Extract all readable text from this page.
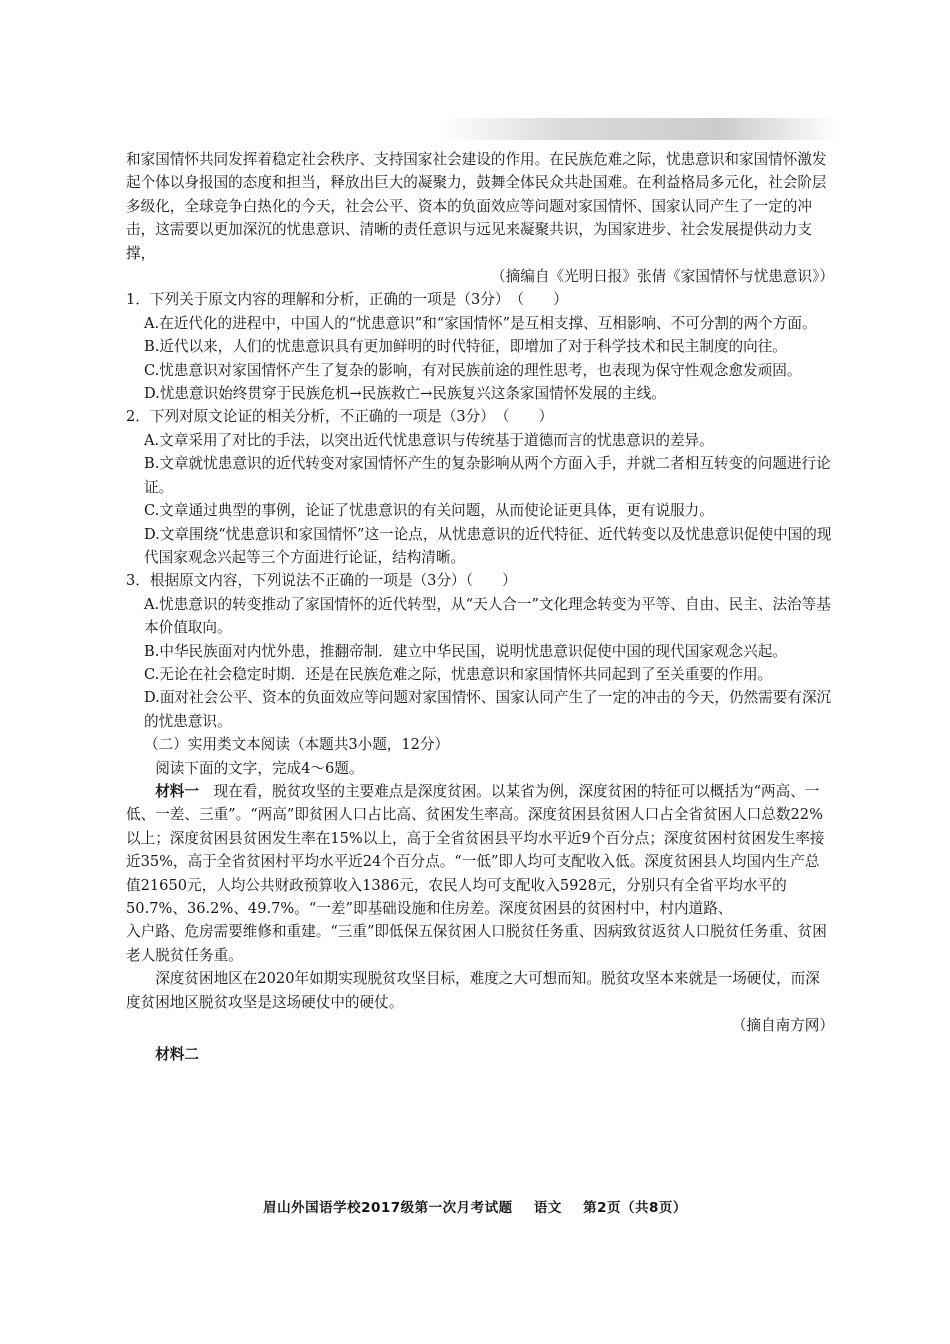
和家国情怀共同发挥着稳定社会秩序、支持国家社会建设的作用。在民族危难之际，忧患意识和家国情怀激发起个体以身报国的态度和担当，释放出巨大的凝聚力，鼓舞全体民众共赴国难。在利益格局多元化，社会阶层多级化，全球竞争白热化的今天，社会公平、资本的负面效应等问题对家国情怀、国家认同产生了一定的冲击，这需要以更加深沉的忧患意识、清晰的责任意识与远见来凝聚共识，为国家进步、社会发展提供动力支撑，

（摘编自《光明日报》张倩《家国情怀与忧患意识》）

1．下列关于原文内容的理解和分析，正确的一项是（3分）　（　　）

A.在近代化的进程中，中国人的“忧患意识”和“家国情怀”是互相支撑、互相影响、不可分割的两个方面。

B.近代以来，人们的忧患意识具有更加鲜明的时代特征，即增加了对于科学技术和民主制度的向往。

C.忧患意识对家国情怀产生了复杂的影响，有对民族前途的理性思考，也表现为保守性观念愈发顽固。

D.忧患意识始终贯穿于民族危机→民族救亡→民族复兴这条家国情怀发展的主线。

2．下列对原文论证的相关分析，不正确的一项是（3分）　（　　）

A.文章采用了对比的手法，以突出近代忧患意识与传统基于道德而言的忧患意识的差异。

B.文章就忧患意识的近代转变对家国情怀产生的复杂影响从两个方面入手，并就二者相互转变的问题进行论证。

C.文章通过典型的事例，论证了忧患意识的有关问题，从而使论证更具体，更有说服力。

D.文章围绕“忧患意识和家国情怀”这一论点，从忧患意识的近代特征、近代转变以及忧患意识促使中国的现代国家观念兴起等三个方面进行论证，结构清晰。

3．根据原文内容，下列说法不正确的一项是（3分）（　　）

A.忧患意识的转变推动了家国情怀的近代转型，从“天人合一”文化理念转变为平等、自由、民主、法治等基本价值取向。

B.中华民族面对内忧外患，推翻帝制．建立中华民国，说明忧患意识促使中国的现代国家观念兴起。

C.无论在社会稳定时期．还是在民族危难之际，忧患意识和家国情怀共同起到了至关重要的作用。

D.面对社会公平、资本的负面效应等问题对家国情怀、国家认同产生了一定的冲击的今天，仍然需要有深沉的忧患意识。

（二）实用类文本阅读（本题共3小题，12分）

阅读下面的文字，完成4～6题。

材料一　 现在看，脱贫攻坚的主要难点是深度贫困。以某省为例，深度贫困的特征可以概括为“两高、一低、一差、三重”。“两高”即贫困人口占比高、贫困发生率高。深度贫困县贫困人口占全省贫困人口总数22%以上；深度贫困县贫困发生率在15%以上，高于全省贫困县平均水平近9个百分点；深度贫困村贫困发生率接近35%，高于全省贫困村平均水平近24个百分点。“一低”即人均可支配收入低。深度贫困县人均国内生产总值21650元，人均公共财政预算收入1386元，农民人均可支配收入5928元，分别只有全省平均水平的50.7%、36.2%、49.7%。“一差”即基础设施和住房差。深度贫困县的贫困村中，村内道路、

入户路、危房需要维修和重建。“三重”即低保五保贫困人口脱贫任务重、因病致贫返贫人口脱贫任务重、贫困老人脱贫任务重。

深度贫困地区在2020年如期实现脱贫攻坚目标，难度之大可想而知。脱贫攻坚本来就是一场硬仗，而深度贫困地区脱贫攻坚是这场硬仗中的硬仗。

（摘自南方网）

材料二

眉山外国语学校2017级第一次月考试题 语文 第2页（共8页）
